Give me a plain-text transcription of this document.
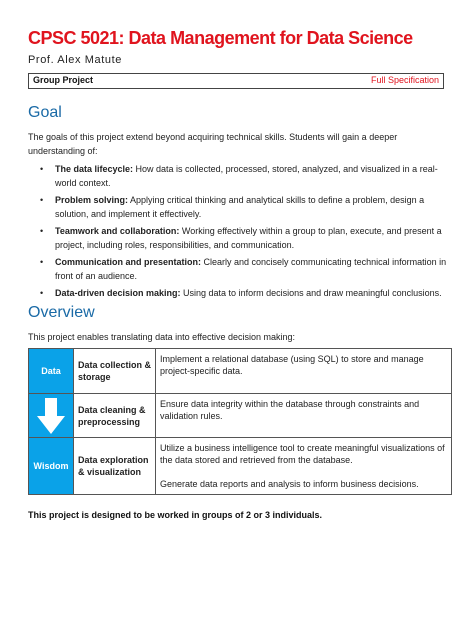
CPSC 5021: Data Management for Data Science
Prof. Alex Matute
Group Project	Full Specification
Goal
The goals of this project extend beyond acquiring technical skills. Students will gain a deeper understanding of:
• The data lifecycle: How data is collected, processed, stored, analyzed, and visualized in a real-world context.
• Problem solving: Applying critical thinking and analytical skills to define a problem, design a solution, and implement it effectively.
• Teamwork and collaboration: Working effectively within a group to plan, execute, and present a project, including roles, responsibilities, and communication.
• Communication and presentation: Clearly and concisely communicating technical information in front of an audience.
• Data-driven decision making: Using data to inform decisions and draw meaningful conclusions.
Overview
This project enables translating data into effective decision making:
Data	Data collection & storage	Implement a relational database (using SQL) to store and manage project-specific data.

	Data cleaning & preprocessing	Ensure data integrity within the database through constraints and validation rules.
Wisdom	Data exploration & visualization	Utilize a business intelligence tool to create meaningful visualizations of the data stored and retrieved from the database.
Generate data reports and analysis to inform business decisions.
This project is designed to be worked in groups of 2 or 3 individuals.
